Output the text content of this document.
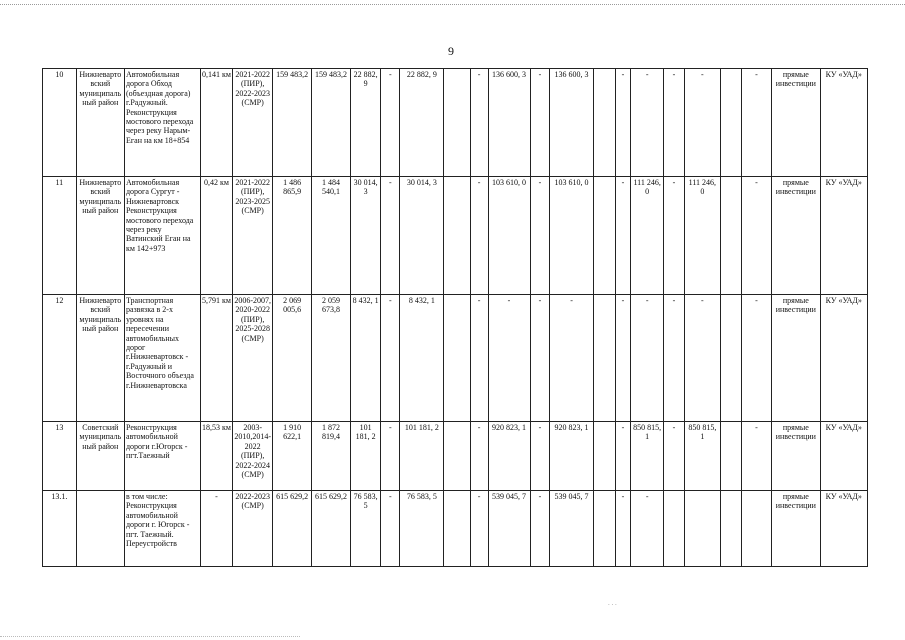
9
10	Нижневартовский муниципальный район	Автомобильная дорога Обход (объездная дорога) г.Радужный. Реконструкция мостового перехода через реку Нарым-Еган на км 18+854	0,141 км	2021-2022 (ПИР), 2022-2023 (СМР)	159 483,2	159 483,2	22 882, 9	-	22 882, 9		-	136 600, 3	-	136 600, 3		-	-	-	-		-	прямые инвестиции	КУ «УАД»
11	Нижневартовский муниципальный район	Автомобильная дорога Сургут - Нижневартовск Реконструкция мостового перехода через реку Ватинский Еган на км 142+973	0,42 км	2021-2022 (ПИР), 2023-2025 (СМР)	1 486 865,9	1 484 540,1	30 014, 3	-	30 014, 3		-	103 610, 0	-	103 610, 0		-	111 246, 0	-	111 246, 0		-	прямые инвестиции	КУ «УАД»
12	Нижневартовский муниципальный район	Транспортная развязка в 2-х уровнях на пересечении автомобильных дорог г.Нижневартовск - г.Радужный и Восточного объезда г.Нижневартовска	5,791 км	2006-2007, 2020-2022 (ПИР), 2025-2028 (СМР)	2 069 005,6	2 059 673,8	8 432, 1	-	8 432, 1		-	-	-	-		-	-	-	-		-	прямые инвестиции	КУ «УАД»
13	Советский муниципальный район	Реконструкция автомобильной дороги г.Югорск - пгт.Таежный	18,53 км	2003-2010,2014-2022 (ПИР), 2022-2024 (СМР)	1 910 622,1	1 872 819,4	101 181, 2	-	101 181, 2		-	920 823, 1	-	920 823, 1		-	850 815, 1	-	850 815, 1		-	прямые инвестиции	КУ «УАД»
13.1.		в том числе: Реконструкция автомобильной дороги г. Югорск - пгт. Таежный. Переустройств	-	2022-2023 (СМР)	615 629,2	615 629,2	76 583, 5	-	76 583, 5		-	539 045, 7	-	539 045, 7		-	-					прямые инвестиции	КУ «УАД»
. . .
